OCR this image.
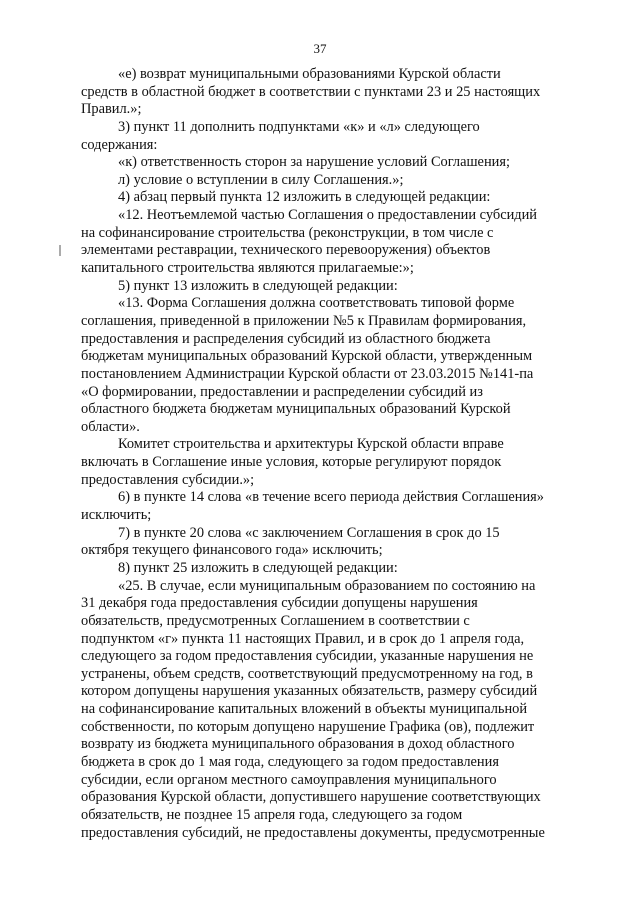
37
«е) возврат муниципальными образованиями Курской области
средств в областной бюджет в соответствии с пунктами 23 и 25 настоящих
Правил.»;
3) пункт 11 дополнить подпунктами «к» и «л» следующего
содержания:
«к) ответственность сторон за нарушение условий Соглашения;
л) условие о вступлении в силу Соглашения.»;
4) абзац первый пункта 12 изложить в следующей редакции:
«12. Неотъемлемой частью Соглашения о предоставлении субсидий
на софинансирование строительства (реконструкции, в том числе с
элементами реставрации, технического перевооружения) объектов
капитального строительства являются прилагаемые:»;
5) пункт 13 изложить в следующей редакции:
«13. Форма Соглашения должна соответствовать типовой форме
соглашения, приведенной в приложении №5 к Правилам формирования,
предоставления и распределения субсидий из областного бюджета
бюджетам муниципальных образований Курской области, утвержденным
постановлением Администрации Курской области от 23.03.2015 №141-па
«О формировании, предоставлении и распределении субсидий из
областного бюджета бюджетам муниципальных образований Курской
области».
Комитет строительства и архитектуры Курской области вправе
включать в Соглашение иные условия, которые регулируют порядок
предоставления субсидии.»;
6) в пункте 14 слова «в течение всего периода действия Соглашения»
исключить;
7) в пункте 20 слова «с заключением Соглашения в срок до 15
октября текущего финансового года» исключить;
8) пункт 25 изложить в следующей редакции:
«25. В случае, если муниципальным образованием по состоянию на
31 декабря года предоставления субсидии допущены нарушения
обязательств, предусмотренных Соглашением в соответствии с
подпунктом «г» пункта 11 настоящих Правил, и в срок до 1 апреля года,
следующего за годом предоставления субсидии, указанные нарушения не
устранены, объем средств, соответствующий предусмотренному на год, в
котором допущены нарушения указанных обязательств, размеру субсидий
на софинансирование капитальных вложений в объекты муниципальной
собственности, по которым допущено нарушение Графика (ов), подлежит
возврату из бюджета муниципального образования в доход областного
бюджета в срок до 1 мая года, следующего за годом предоставления
субсидии, если органом местного самоуправления муниципального
образования Курской области, допустившего нарушение соответствующих
обязательств, не позднее 15 апреля года, следующего за годом
предоставления субсидий, не предоставлены документы, предусмотренные
